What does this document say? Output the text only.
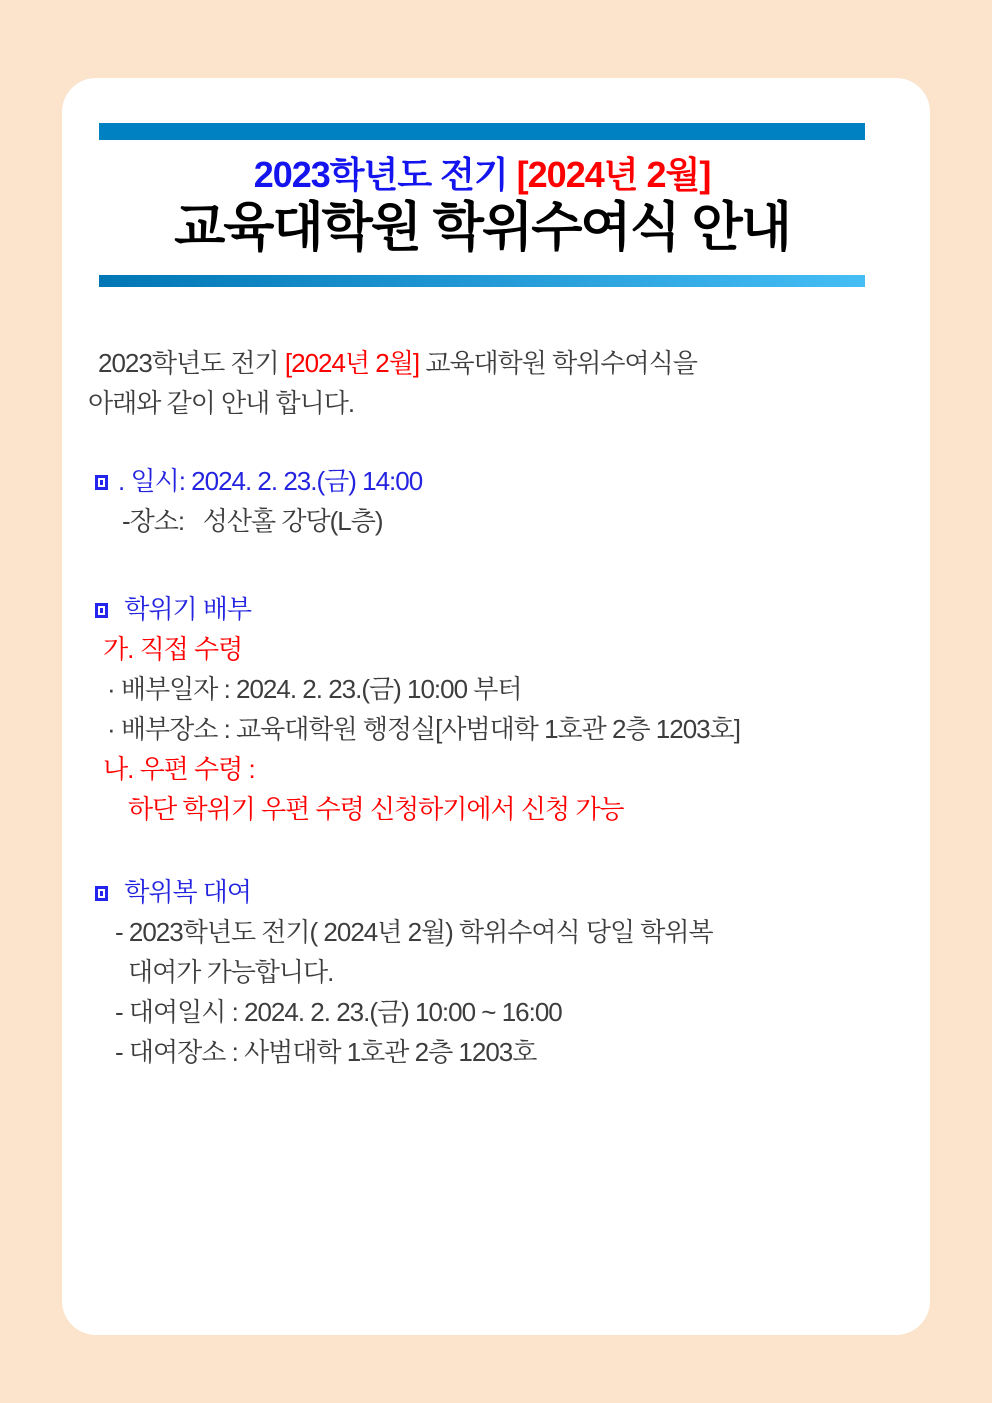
2023학년도 전기 [2024년 2월]
교육대학원 학위수여식 안내
2023학년도 전기 [2024년 2월] 교육대학원 학위수여식을
아래와 같이 안내 합니다.
. 일시: 2024. 2. 23.(금) 14:00
-장소:   성산홀 강당(L층)
학위기 배부
가. 직접 수령
· 배부일자 : 2024. 2. 23.(금) 10:00 부터
· 배부장소 : 교육대학원 행정실[사범대학 1호관 2층 1203호]
나. 우편 수령 :
하단 학위기 우편 수령 신청하기에서 신청 가능
학위복 대여
- 2023학년도 전기( 2024년 2월) 학위수여식 당일 학위복
대여가 가능합니다.
- 대여일시 : 2024. 2. 23.(금) 10:00 ~ 16:00
- 대여장소 : 사범대학 1호관 2층 1203호
